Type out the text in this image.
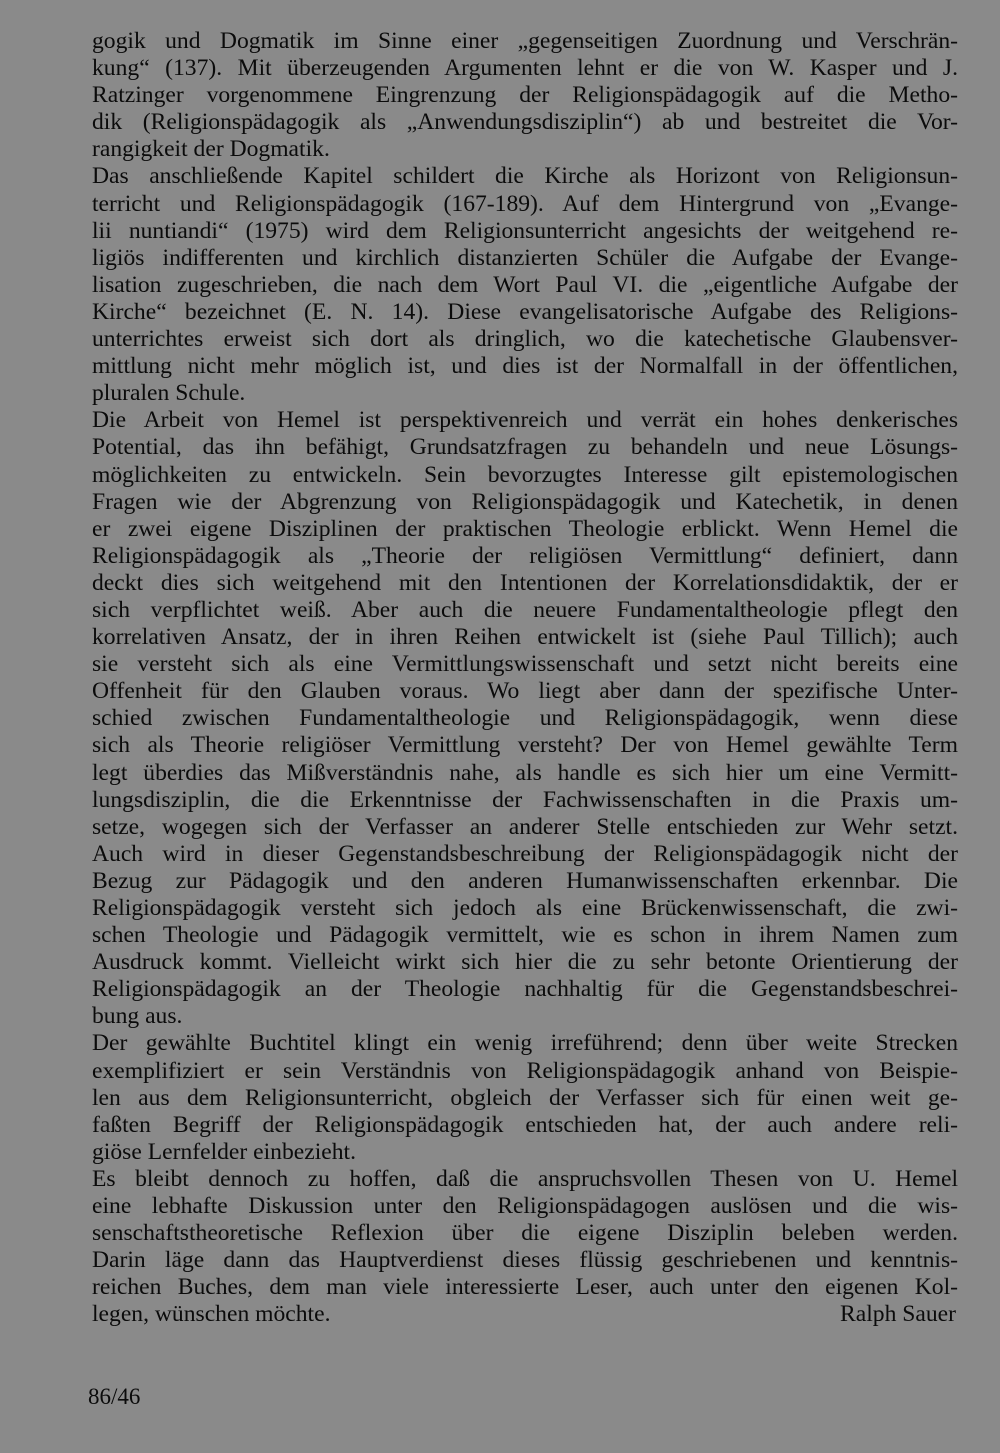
gogik und Dogmatik im Sinne einer „gegenseitigen Zuordnung und Verschrän-
kung“ (137). Mit überzeugenden Argumenten lehnt er die von W. Kasper und J.
Ratzinger vorgenommene Eingrenzung der Religionspädagogik auf die Metho-
dik (Religionspädagogik als „Anwendungsdisziplin“) ab und bestreitet die Vor-
rangigkeit der Dogmatik.
Das anschließende Kapitel schildert die Kirche als Horizont von Religionsun-
terricht und Religionspädagogik (167-189). Auf dem Hintergrund von „Evange-
lii nuntiandi“ (1975) wird dem Religionsunterricht angesichts der weitgehend re-
ligiös indifferenten und kirchlich distanzierten Schüler die Aufgabe der Evange-
lisation zugeschrieben, die nach dem Wort Paul VI. die „eigentliche Aufgabe der
Kirche“ bezeichnet (E. N. 14). Diese evangelisatorische Aufgabe des Religions-
unterrichtes erweist sich dort als dringlich, wo die katechetische Glaubensver-
mittlung nicht mehr möglich ist, und dies ist der Normalfall in der öffentlichen,
pluralen Schule.
Die Arbeit von Hemel ist perspektivenreich und verrät ein hohes denkerisches
Potential, das ihn befähigt, Grundsatzfragen zu behandeln und neue Lösungs-
möglichkeiten zu entwickeln. Sein bevorzugtes Interesse gilt epistemologischen
Fragen wie der Abgrenzung von Religionspädagogik und Katechetik, in denen
er zwei eigene Disziplinen der praktischen Theologie erblickt. Wenn Hemel die
Religionspädagogik als „Theorie der religiösen Vermittlung“ definiert, dann
deckt dies sich weitgehend mit den Intentionen der Korrelationsdidaktik, der er
sich verpflichtet weiß. Aber auch die neuere Fundamentaltheologie pflegt den
korrelativen Ansatz, der in ihren Reihen entwickelt ist (siehe Paul Tillich); auch
sie versteht sich als eine Vermittlungswissenschaft und setzt nicht bereits eine
Offenheit für den Glauben voraus. Wo liegt aber dann der spezifische Unter-
schied zwischen Fundamentaltheologie und Religionspädagogik, wenn diese
sich als Theorie religiöser Vermittlung versteht? Der von Hemel gewählte Term
legt überdies das Mißverständnis nahe, als handle es sich hier um eine Vermitt-
lungsdisziplin, die die Erkenntnisse der Fachwissenschaften in die Praxis um-
setze, wogegen sich der Verfasser an anderer Stelle entschieden zur Wehr setzt.
Auch wird in dieser Gegenstandsbeschreibung der Religionspädagogik nicht der
Bezug zur Pädagogik und den anderen Humanwissenschaften erkennbar. Die
Religionspädagogik versteht sich jedoch als eine Brückenwissenschaft, die zwi-
schen Theologie und Pädagogik vermittelt, wie es schon in ihrem Namen zum
Ausdruck kommt. Vielleicht wirkt sich hier die zu sehr betonte Orientierung der
Religionspädagogik an der Theologie nachhaltig für die Gegenstandsbeschrei-
bung aus.
Der gewählte Buchtitel klingt ein wenig irreführend; denn über weite Strecken
exemplifiziert er sein Verständnis von Religionspädagogik anhand von Beispie-
len aus dem Religionsunterricht, obgleich der Verfasser sich für einen weit ge-
faßten Begriff der Religionspädagogik entschieden hat, der auch andere reli-
giöse Lernfelder einbezieht.
Es bleibt dennoch zu hoffen, daß die anspruchsvollen Thesen von U. Hemel
eine lebhafte Diskussion unter den Religionspädagogen auslösen und die wis-
senschaftstheoretische Reflexion über die eigene Disziplin beleben werden.
Darin läge dann das Hauptverdienst dieses flüssig geschriebenen und kenntnis-
reichen Buches, dem man viele interessierte Leser, auch unter den eigenen Kol-
legen, wünschen möchte.	Ralph Sauer
86/46
